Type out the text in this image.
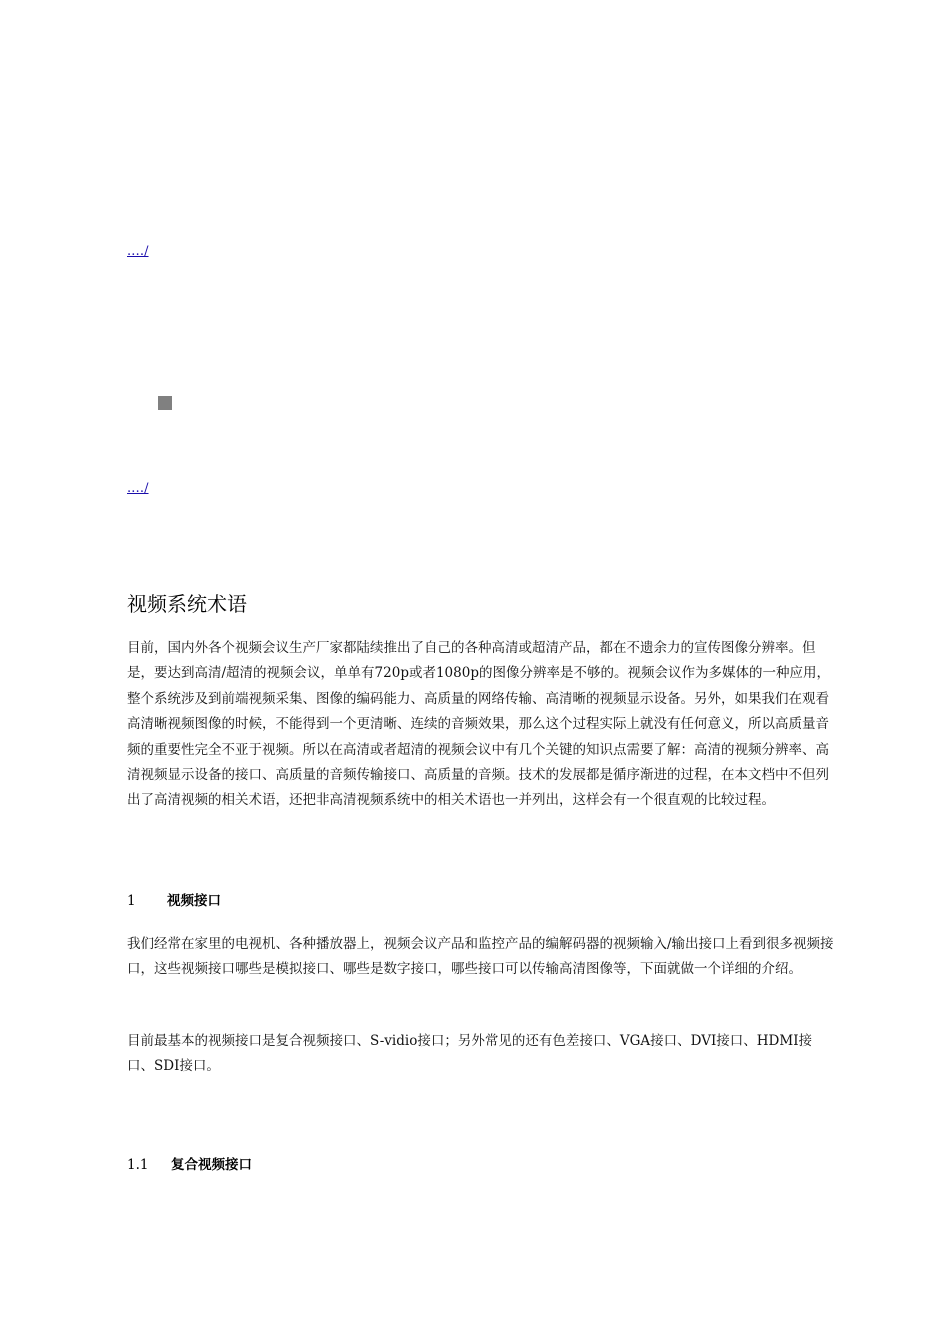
.…/
.…/
视频系统术语

目前，国内外各个视频会议生产厂家都陆续推出了自己的各种高清或超清产品，都在不遗余力的宣传图像分辨率。但是，要达到高清/超清的视频会议，单单有720p或者1080p的图像分辨率是不够的。视频会议作为多媒体的一种应用，整个系统涉及到前端视频采集、图像的编码能力、高质量的网络传输、高清晰的视频显示设备。另外，如果我们在观看高清晰视频图像的时候，不能得到一个更清晰、连续的音频效果，那么这个过程实际上就没有任何意义，所以高质量音频的重要性完全不亚于视频。所以在高清或者超清的视频会议中有几个关键的知识点需要了解：高清的视频分辨率、高清视频显示设备的接口、高质量的音频传输接口、高质量的音频。技术的发展都是循序渐进的过程，在本文档中不但列出了高清视频的相关术语，还把非高清视频系统中的相关术语也一并列出，这样会有一个很直观的比较过程。

1 视频接口

我们经常在家里的电视机、各种播放器上，视频会议产品和监控产品的编解码器的视频输入/输出接口上看到很多视频接口，这些视频接口哪些是模拟接口、哪些是数字接口，哪些接口可以传输高清图像等，下面就做一个详细的介绍。

目前最基本的视频接口是复合视频接口、S-vidio接口；另外常见的还有色差接口、VGA接口、DVI接口、HDMI接口、SDI接口。

1.1 复合视频接口
